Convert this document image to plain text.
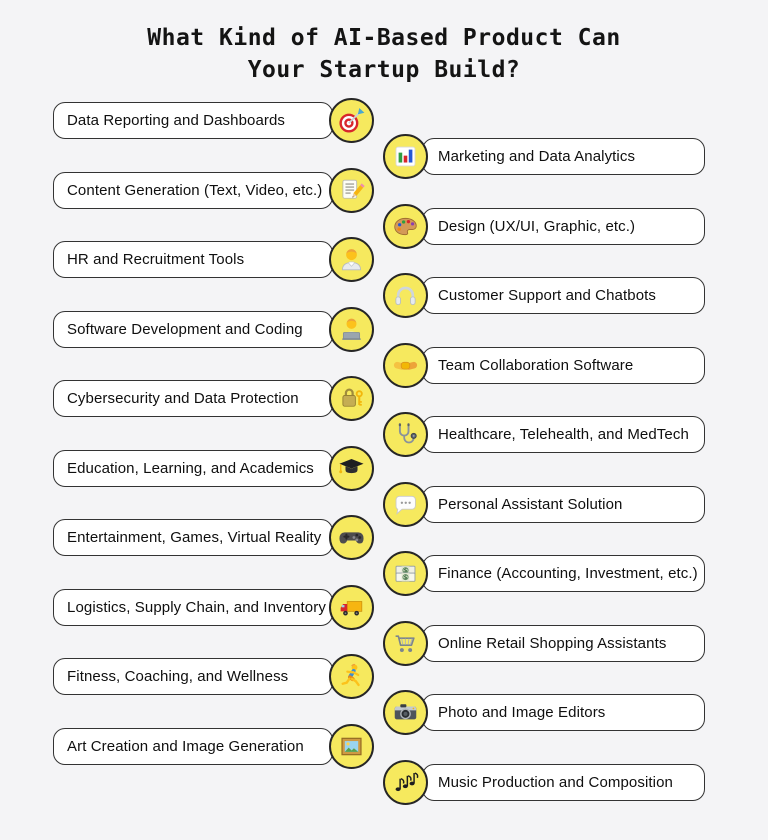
What Kind of AI-Based Product Can
Your Startup Build?
Data Reporting and Dashboards
Content Generation (Text, Video, etc.)
HR and Recruitment Tools
Software Development and Coding
Cybersecurity and Data Protection
Education, Learning, and Academics
Entertainment, Games, Virtual Reality
Logistics, Supply Chain, and Inventory
Fitness, Coaching, and Wellness
Art Creation and Image Generation
Marketing and Data Analytics
Design (UX/UI, Graphic, etc.)
Customer Support and Chatbots
Team Collaboration Software
Healthcare, Telehealth, and MedTech
Personal Assistant Solution
Finance (Accounting, Investment, etc.)
Online Retail Shopping Assistants
Photo and Image Editors
Music Production and Composition
